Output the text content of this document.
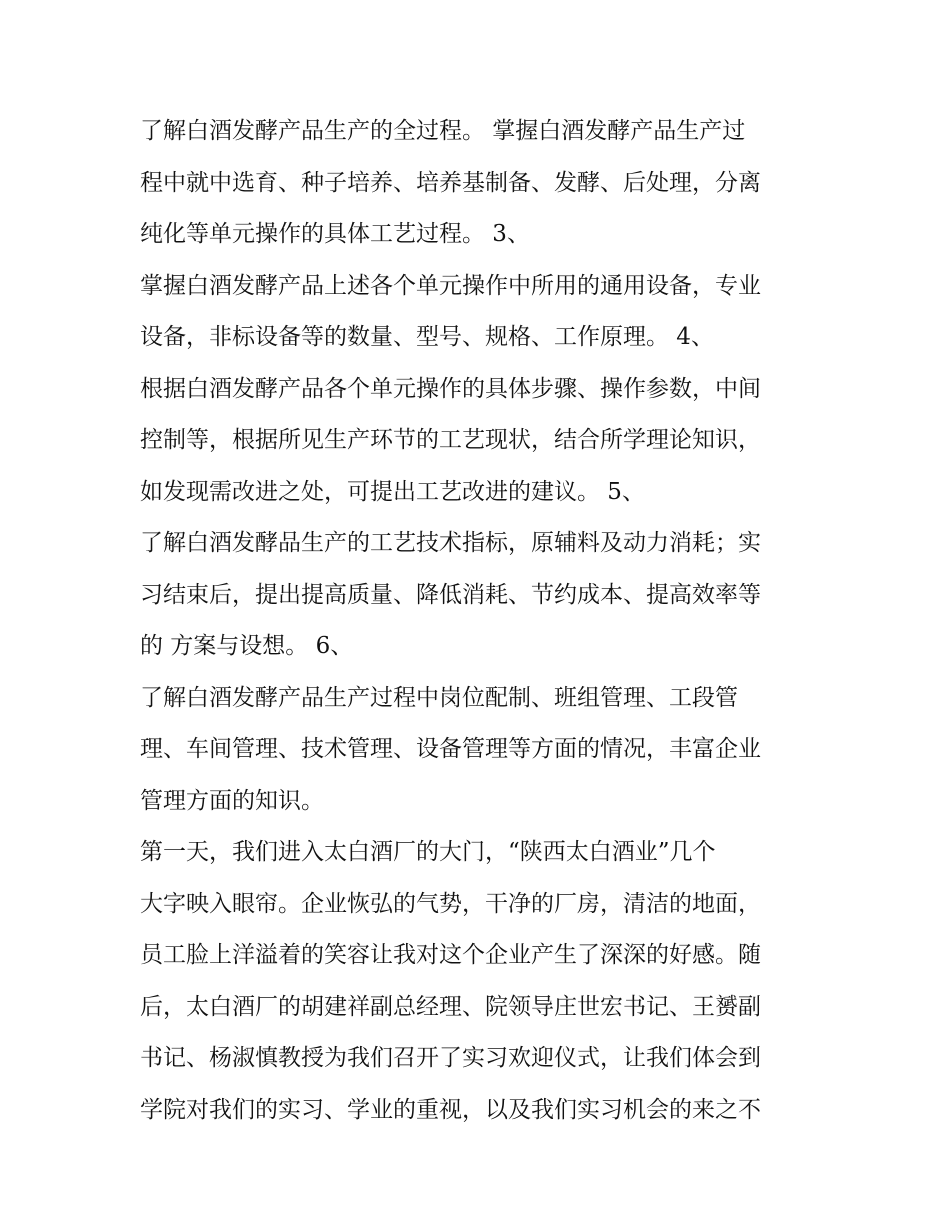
了解白酒发酵产品生产的全过程。 掌握白酒发酵产品生产过
程中就中选育、种子培养、培养基制备、发酵、后处理，分离
纯化等单元操作的具体工艺过程。 3、
掌握白酒发酵产品上述各个单元操作中所用的通用设备，专业
设备，非标设备等的数量、型号、规格、工作原理。 4、
根据白酒发酵产品各个单元操作的具体步骤、操作参数，中间
控制等，根据所见生产环节的工艺现状，结合所学理论知识，
如发现需改进之处，可提出工艺改进的建议。 5、
了解白酒发酵品生产的工艺技术指标，原辅料及动力消耗；实
习结束后，提出提高质量、降低消耗、节约成本、提高效率等
的 方案与设想。 6、
了解白酒发酵产品生产过程中岗位配制、班组管理、工段管
理、车间管理、技术管理、设备管理等方面的情况，丰富企业
管理方面的知识。
第一天，我们进入太白酒厂的大门，“陕西太白酒业”几个
大字映入眼帘。企业恢弘的气势，干净的厂房，清洁的地面，
员工脸上洋溢着的笑容让我对这个企业产生了深深的好感。随
后，太白酒厂的胡建祥副总经理、院领导庄世宏书记、王赟副
书记、杨淑慎教授为我们召开了实习欢迎仪式，让我们体会到
学院对我们的实习、学业的重视，以及我们实习机会的来之不
